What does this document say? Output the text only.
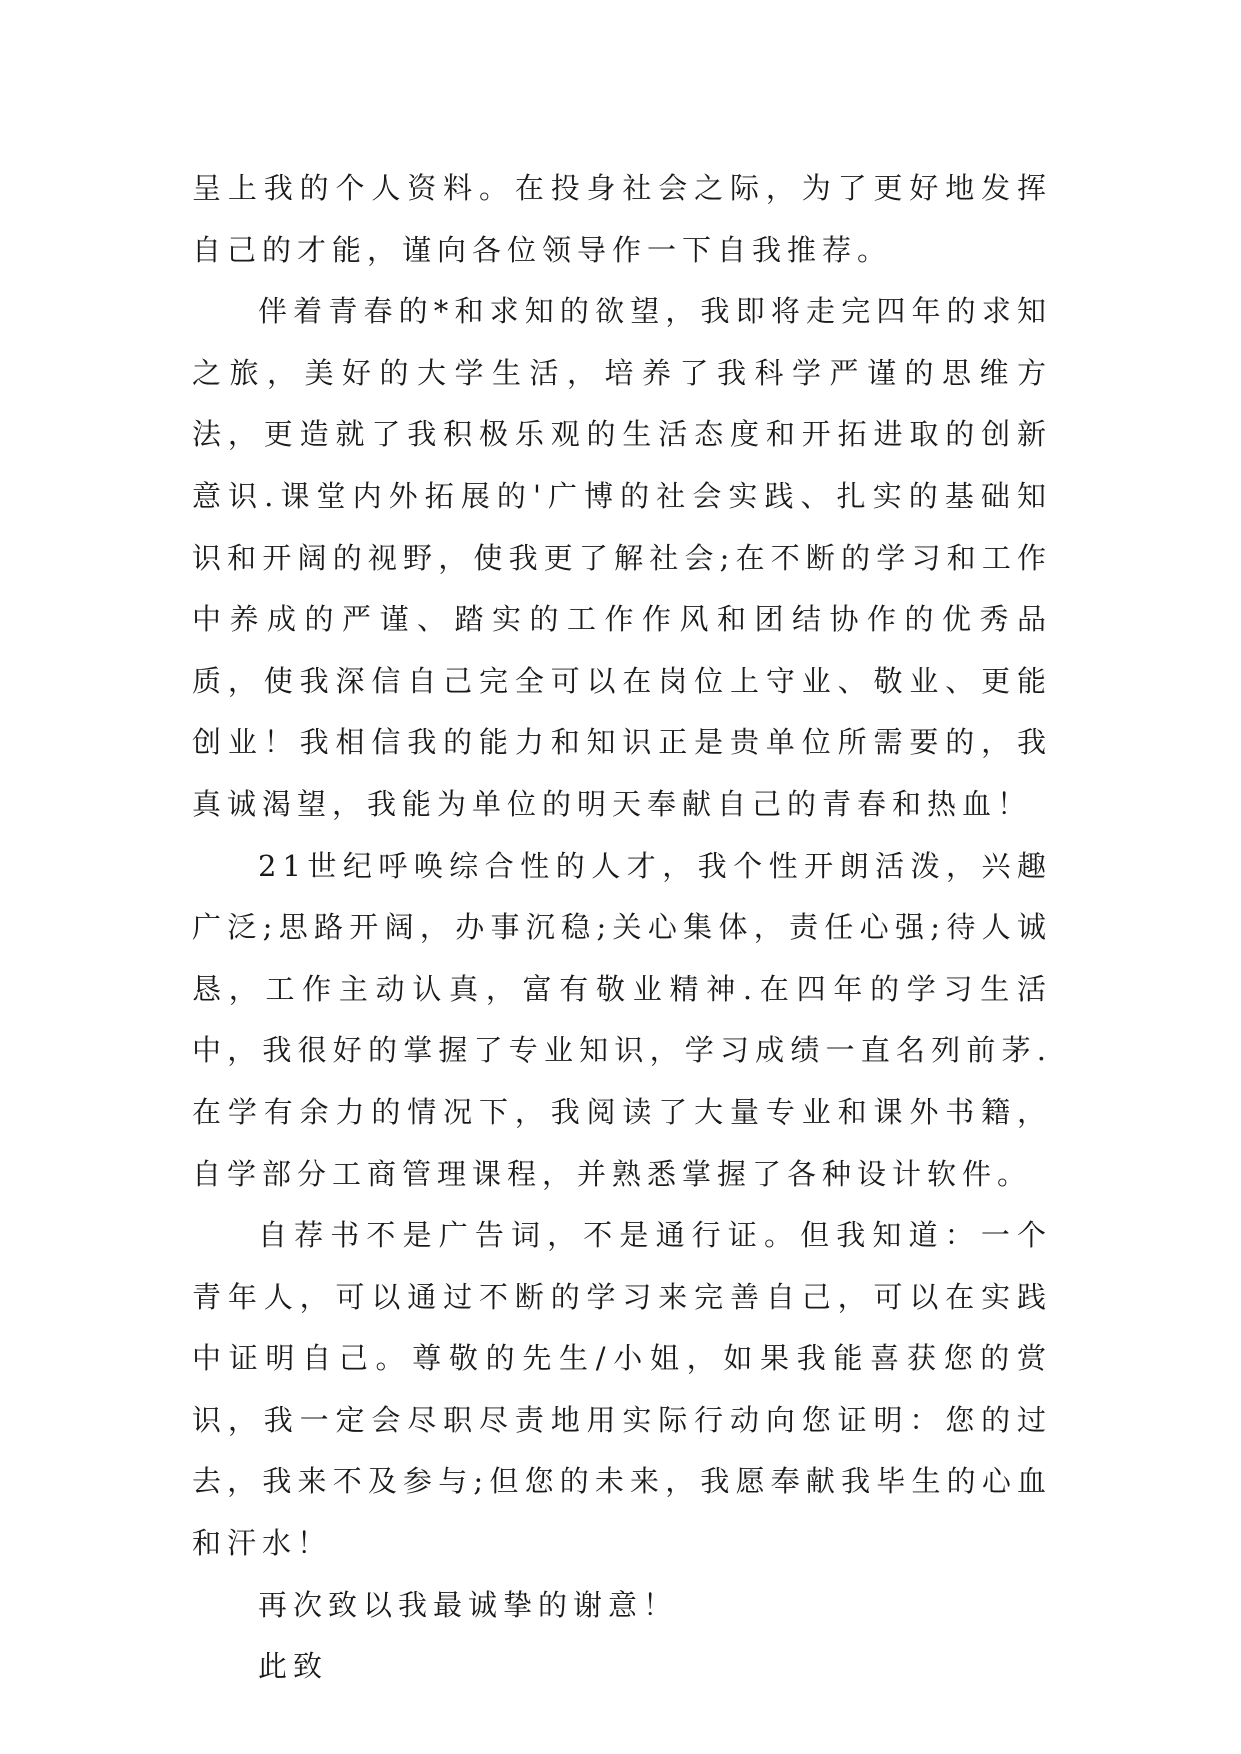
呈上我的个人资料。在投身社会之际，为了更好地发挥自己的才能，谨向各位领导作一下自我推荐。

伴着青春的*和求知的欲望，我即将走完四年的求知之旅，美好的大学生活，培养了我科学严谨的思维方法，更造就了我积极乐观的生活态度和开拓进取的创新意识.课堂内外拓展的'广博的社会实践、扎实的基础知识和开阔的视野，使我更了解社会;在不断的学习和工作中养成的严谨、踏实的工作作风和团结协作的优秀品质，使我深信自己完全可以在岗位上守业、敬业、更能创业！我相信我的能力和知识正是贵单位所需要的，我真诚渴望，我能为单位的明天奉献自己的青春和热血！

21世纪呼唤综合性的人才，我个性开朗活泼，兴趣广泛;思路开阔，办事沉稳;关心集体，责任心强;待人诚恳，工作主动认真，富有敬业精神.在四年的学习生活中，我很好的掌握了专业知识，学习成绩一直名列前茅.在学有余力的情况下，我阅读了大量专业和课外书籍，自学部分工商管理课程，并熟悉掌握了各种设计软件。

自荐书不是广告词，不是通行证。但我知道：一个青年人，可以通过不断的学习来完善自己，可以在实践中证明自己。尊敬的先生/小姐，如果我能喜获您的赏识，我一定会尽职尽责地用实际行动向您证明：您的过去，我来不及参与;但您的未来，我愿奉献我毕生的心血和汗水！

再次致以我最诚挚的谢意！

此致
